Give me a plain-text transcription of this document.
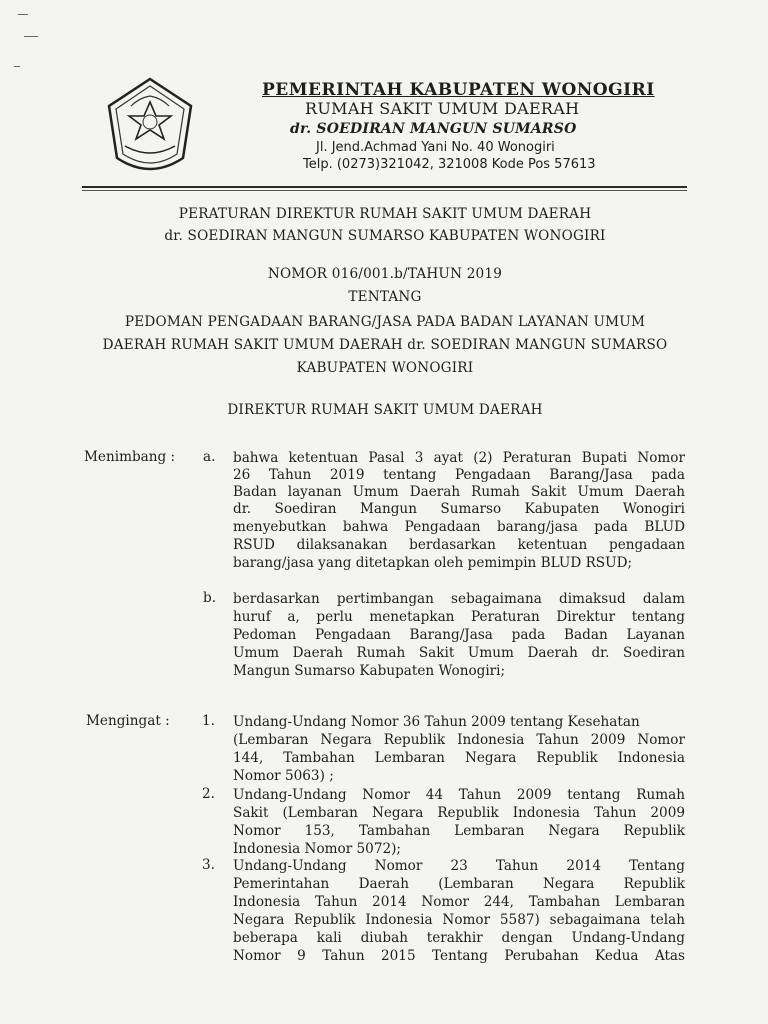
PEMERINTAH KABUPATEN WONOGIRI
RUMAH SAKIT UMUM DAERAH
dr. SOEDIRAN MANGUN SUMARSO
Jl. Jend.Achmad Yani No. 40 Wonogiri
Telp. (0273)321042, 321008 Kode Pos 57613
PERATURAN DIREKTUR RUMAH SAKIT UMUM DAERAH
dr. SOEDIRAN MANGUN SUMARSO KABUPATEN WONOGIRI
NOMOR 016/001.b/TAHUN 2019
TENTANG
PEDOMAN PENGADAAN BARANG/JASA PADA BADAN LAYANAN UMUM
DAERAH RUMAH SAKIT UMUM DAERAH dr. SOEDIRAN MANGUN SUMARSO
KABUPATEN WONOGIRI
DIREKTUR RUMAH SAKIT UMUM DAERAH
Menimbang : a. bahwa ketentuan Pasal 3 ayat (2) Peraturan Bupati Nomor
26 Tahun 2019 tentang Pengadaan Barang/Jasa pada
Badan layanan Umum Daerah Rumah Sakit Umum Daerah
dr. Soediran Mangun Sumarso Kabupaten Wonogiri
menyebutkan bahwa Pengadaan barang/jasa pada BLUD
RSUD dilaksanakan berdasarkan ketentuan pengadaan
barang/jasa yang ditetapkan oleh pemimpin BLUD RSUD;
b. berdasarkan pertimbangan sebagaimana dimaksud dalam
huruf a, perlu menetapkan Peraturan Direktur tentang
Pedoman Pengadaan Barang/Jasa pada Badan Layanan
Umum Daerah Rumah Sakit Umum Daerah dr. Soediran
Mangun Sumarso Kabupaten Wonogiri;
Mengingat : 1. Undang-Undang Nomor 36 Tahun 2009 tentang Kesehatan
(Lembaran Negara Republik Indonesia Tahun 2009 Nomor
144, Tambahan Lembaran Negara Republik Indonesia
Nomor 5063) ;
2. Undang-Undang Nomor 44 Tahun 2009 tentang Rumah
Sakit (Lembaran Negara Republik Indonesia Tahun 2009
Nomor 153, Tambahan Lembaran Negara Republik
Indonesia Nomor 5072);
3. Undang-Undang Nomor 23 Tahun 2014 Tentang
Pemerintahan Daerah (Lembaran Negara Republik
Indonesia Tahun 2014 Nomor 244, Tambahan Lembaran
Negara Republik Indonesia Nomor 5587) sebagaimana telah
beberapa kali diubah terakhir dengan Undang-Undang
Nomor 9 Tahun 2015 Tentang Perubahan Kedua Atas
